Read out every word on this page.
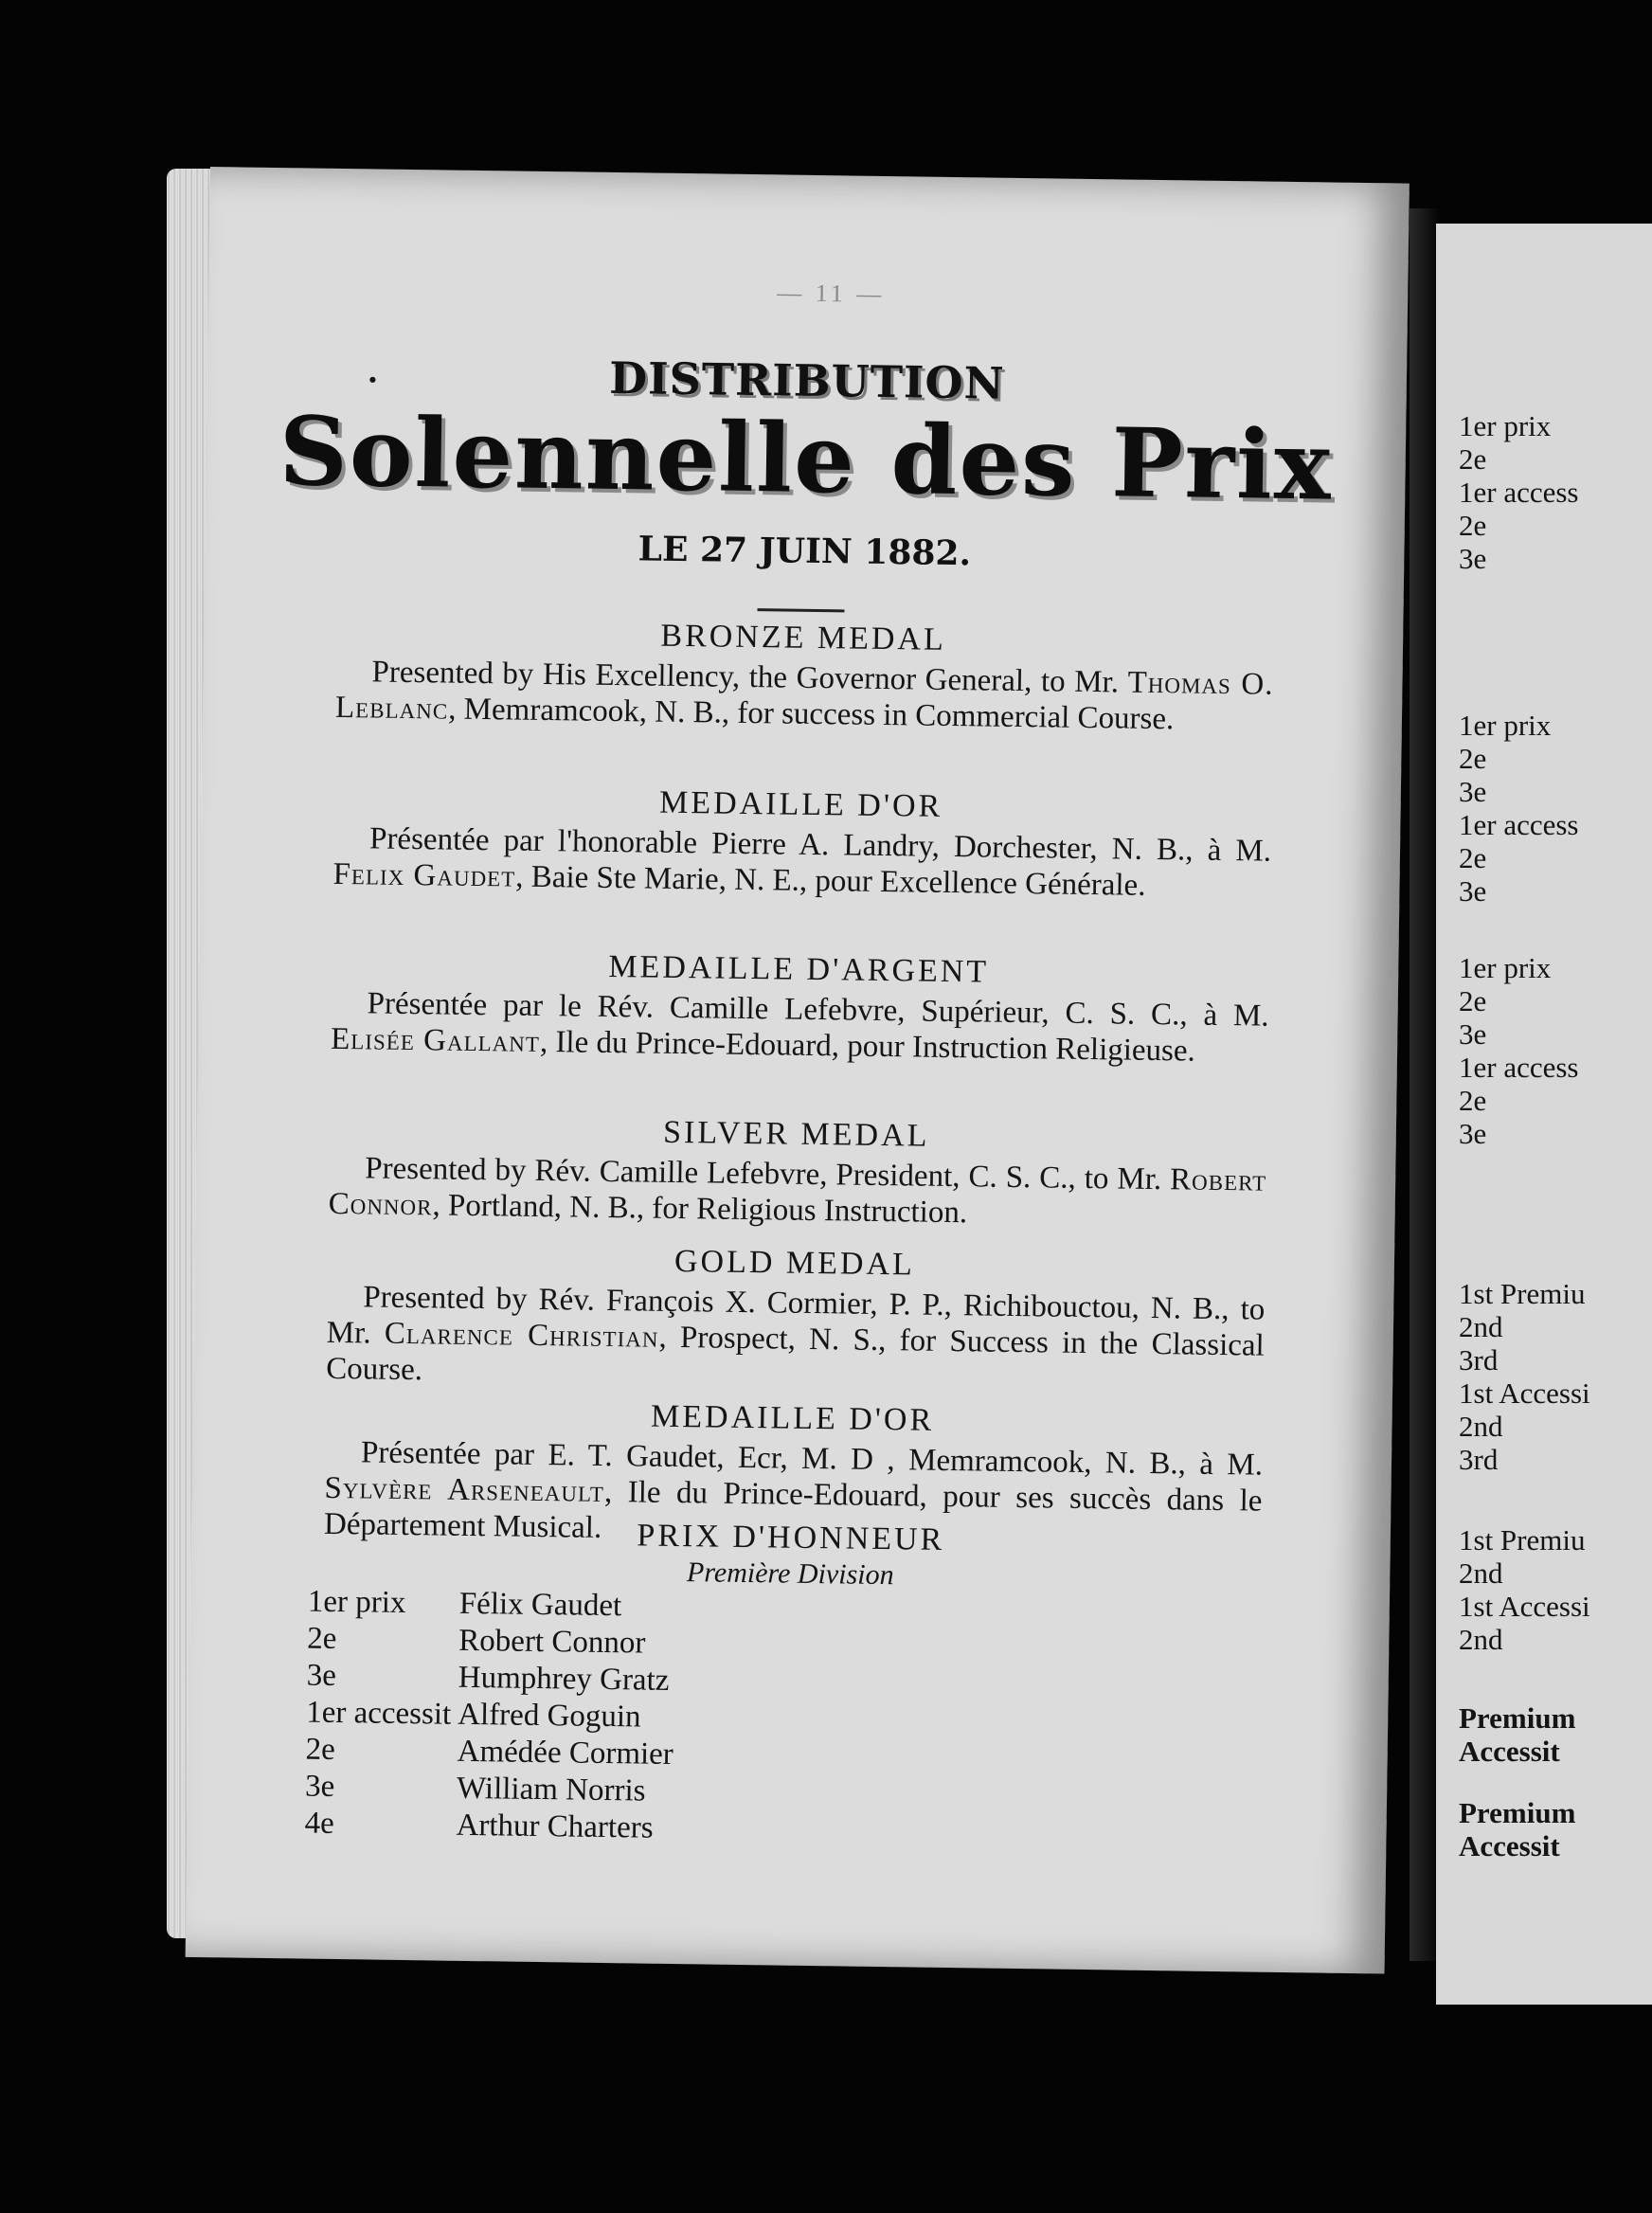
— 11 —
•	DISTRIBUTION
Solennelle des Prix
LE 27 JUIN 1882.
BRONZE MEDAL
Presented by His Excellency, the Governor General, to Mr. Thomas O. Leblanc, Memramcook, N. B., for success in Commercial Course.
MEDAILLE D'OR
Présentée par l'honorable Pierre A. Landry, Dorchester, N. B., à M. Felix Gaudet, Baie Ste Marie, N. E., pour Excellence Générale.
MEDAILLE D'ARGENT
Présentée par le Rév. Camille Lefebvre, Supérieur, C. S. C., à M. Elisée Gallant, Ile du Prince-Edouard, pour Instruction Religieuse.
SILVER MEDAL
Presented by Rév. Camille Lefebvre, President, C. S. C., to Mr. Robert Connor, Portland, N. B., for Religious Instruction.
GOLD MEDAL
Presented by Rév. François X. Cormier, P. P., Richibouctou, N. B., to Mr. Clarence Christian, Prospect, N. S., for Success in the Classical Course.
MEDAILLE D'OR
Présentée par E. T. Gaudet, Ecr, M. D , Memramcook, N. B., à M. Sylvère Arseneault, Ile du Prince-Edouard, pour ses succès dans le Département Musical.	PRIX D'HONNEUR
Première Division
1er prix	Félix Gaudet
2e	Robert Connor
3e	Humphrey Gratz
1er accessit Alfred Goguin
2e	Amédée Cormier
3e	William Norris
4e	Arthur Charters
1er prix
2e
1er access
2e
3e
1er prix
2e
3e
1er access
2e
3e
1er prix
2e
3e
1er access
2e
3e
1st Premiu
2nd
3rd
1st Accessi
2nd
3rd
1st Premiu
2nd
1st Accessi
2nd
Premium
Accessit
Premium
Accessit
